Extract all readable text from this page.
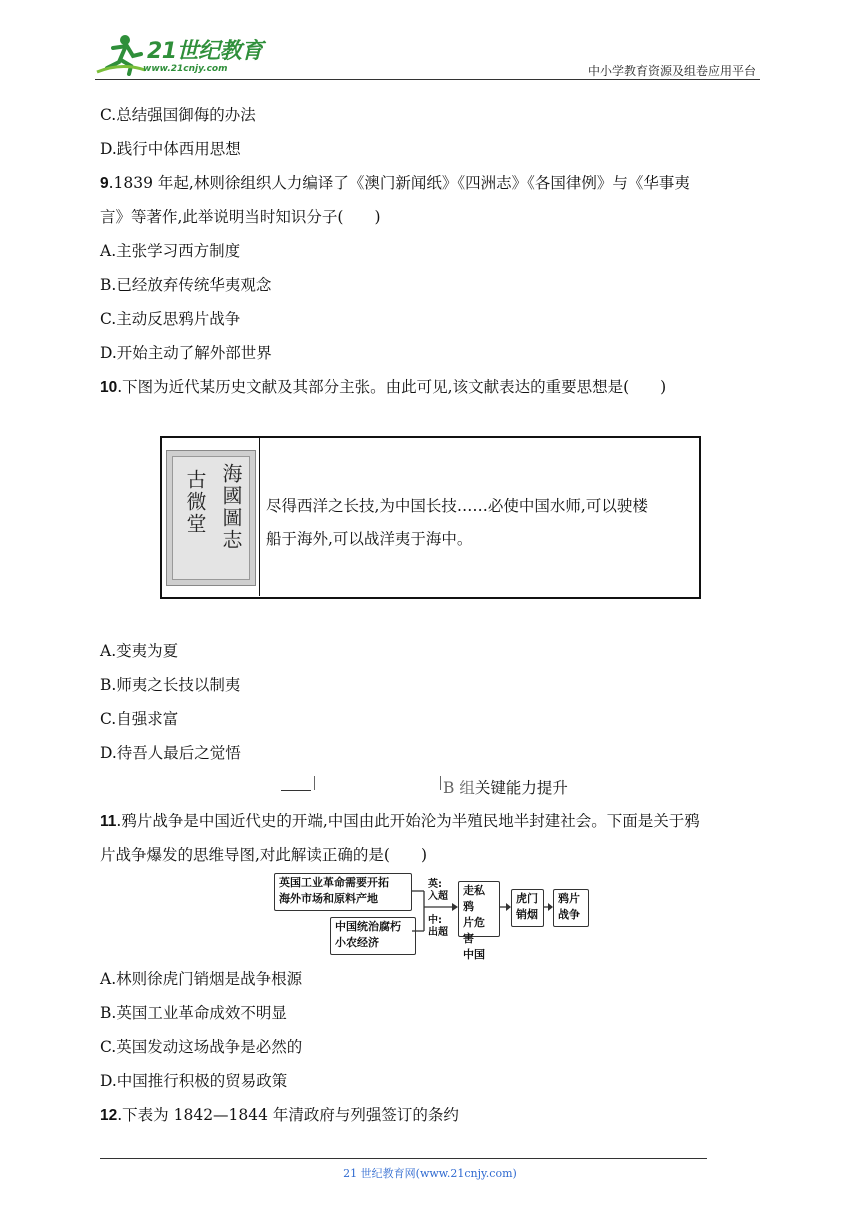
21世纪教育
www.21cnjy.com	中小学教育资源及组卷应用平台
C.总结强国御侮的办法
D.践行中体西用思想
9.1839 年起,林则徐组织人力编译了《澳门新闻纸》《四洲志》《各国律例》与《华事夷
言》等著作,此举说明当时知识分子(　　)
A.主张学习西方制度
B.已经放弃传统华夷观念
C.主动反思鸦片战争
D.开始主动了解外部世界
10.下图为近代某历史文献及其部分主张。由此可见,该文献表达的重要思想是(　　)
海國圖志
古微堂	尽得西洋之长技,为中国长技……必使中国水师,可以驶楼
船于海外,可以战洋夷于海中。
A.变夷为夏
B.师夷之长技以制夷
C.自强求富
D.待吾人最后之觉悟
B 组关键能力提升
11.鸦片战争是中国近代史的开端,中国由此开始沦为半殖民地半封建社会。下面是关于鸦
片战争爆发的思维导图,对此解读正确的是(　　)
英国工业革命需要开拓
海外市场和原料产地
中国统治腐朽
小农经济
英:
入超
中:
出超
走私鸦
片危害
中国
虎门
销烟
鸦片
战争
A.林则徐虎门销烟是战争根源
B.英国工业革命成效不明显
C.英国发动这场战争是必然的
D.中国推行积极的贸易政策
12.下表为 1842—1844 年清政府与列强签订的条约
21 世纪教育网(www.21cnjy.com)
